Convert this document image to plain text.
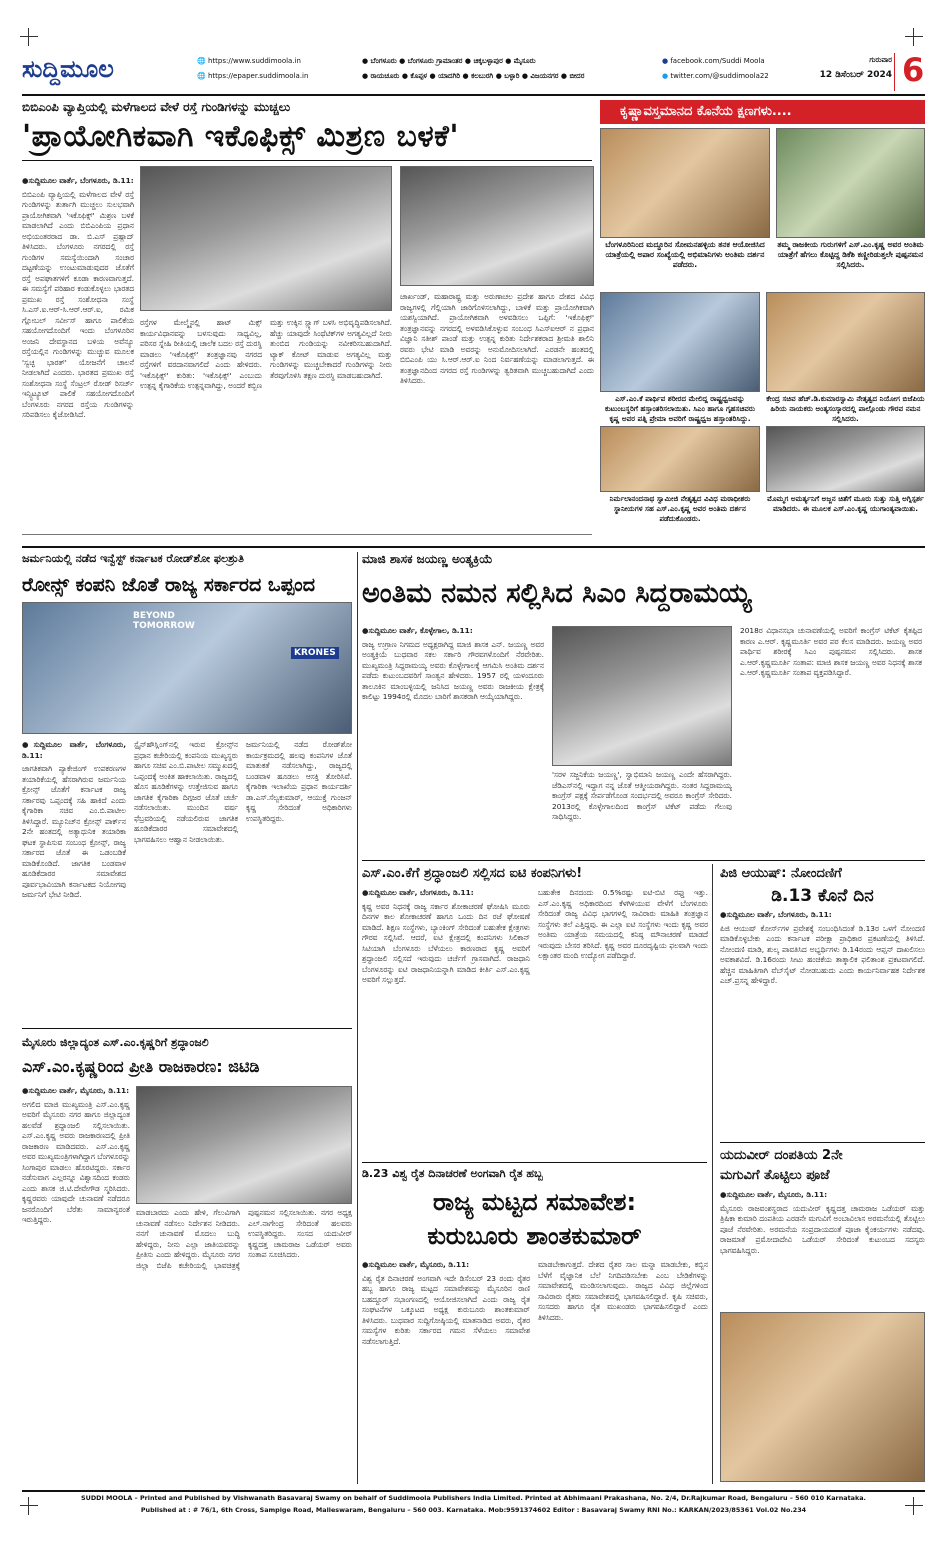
ಸುದ್ದಿಮೂಲ	🌐 https://www.suddimoola.in
🌐 https://epaper.suddimoola.in
● ಬೆಂಗಳೂರು ● ಬೆಂಗಳೂರು ಗ್ರಾಮಾಂತರ ● ಚಿಕ್ಕಬಳ್ಳಾಪುರ ● ಮೈಸೂರು
● ರಾಯಚೂರು ● ಕೊಪ್ಪಳ ● ಯಾದಗಿರಿ ● ಕಲಬುರಗಿ ● ಬಳ್ಳಾರಿ ● ವಿಜಯನಗರ ● ಬೀದರ
● facebook.com/Suddi Moola
● twitter.com/@suddimoola22
ಗುರುವಾರ
12 ಡಿಸೆಂಬರ್ 2024 6
ಬಿಬಿಎಂಪಿ ವ್ಯಾಪ್ತಿಯಲ್ಲಿ ಮಳೆಗಾಲದ ವೇಳೆ ರಸ್ತೆ ಗುಂಡಿಗಳನ್ನು ಮುಚ್ಚಲು
'ಪ್ರಾಯೋಗಿಕವಾಗಿ ಇಕೊಫಿಕ್ಸ್ ಮಿಶ್ರಣ ಬಳಕೆ'

●ಸುದ್ದಿಮೂಲ ವಾರ್ತೆ, ಬೆಂಗಳೂರು, ಡಿ.11:

ಬಿಬಿಎಂಪಿ ವ್ಯಾಪ್ತಿಯಲ್ಲಿ ಮಳೆಗಾಲದ ವೇಳೆ ರಸ್ತೆ ಗುಂಡಿಗಳನ್ನು ತುರ್ತಾಗಿ ಮುಚ್ಚಲು ಸುಲಭವಾಗಿ ಪ್ರಾಯೋಗಿಕವಾಗಿ 'ಇಕೊಫಿಕ್ಸ್' ಮಿಶ್ರಣ ಬಳಕೆ ಮಾಡಲಾಗಿದೆ ಎಂದು ಬಿಬಿಎಂಪಿಯ ಪ್ರಧಾನ ಅಭಿಯಂತರರಾದ ಡಾ. ಬಿ.ಎಸ್ ಪ್ರಹ್ಲಾದ್ ತಿಳಿಸಿದರು. ಬೆಂಗಳೂರು ನಗರದಲ್ಲಿ ರಸ್ತೆ ಗುಂಡಿಗಳ ಸಮಸ್ಯೆಯಿಂದಾಗಿ ಸಂಚಾರ ದಟ್ಟಣೆಯನ್ನು ಉಂಟುಮಾಡುವುದರ ಜೊತೆಗೆ ರಸ್ತೆ ಅಪಘಾತಗಳಿಗೆ ಕೂಡಾ ಕಾರಣವಾಗುತ್ತದೆ. ಈ ಸಮಸ್ಯೆಗೆ ಪರಿಹಾರ ಕಂಡುಕೊಳ್ಳಲು ಭಾರತದ ಪ್ರಮುಖ ರಸ್ತೆ ಸಂಶೋಧನಾ ಸಂಸ್ಥೆ ಸಿ.ಎಸ್.ಐ.ಆರ್-ಸಿ.ಆರ್.ಆರ್.ಐ, ರಮಿಕ ಗ್ಲೋಬಲ್ ಸರ್ವೀಸ್ ಹಾಗೂ ಪಾಲಿಕೆಯ ಸಹಯೋಗದೊಂದಿಗೆ ಇಂದು ಬೆಂಗಳೂರಿನ ಅಂಜನಿ ದೇವಸ್ಥಾನದ ಬಳಿಯ ಅವೆನ್ಯೂ ರಸ್ತೆಯಲ್ಲಿನ ಗುಂಡಿಗಳನ್ನು ಮುಚ್ಚುವ ಮೂಲಕ 'ಸ್ವಚ್ಛ ಭಾರತ್' ಯೋಜನೆಗೆ ಚಾಲನೆ ನೀಡಲಾಗಿದೆ ಎಂದರು. ಭಾರತದ ಪ್ರಮುಖ ರಸ್ತೆ ಸಂಶೋಧನಾ ಸಂಸ್ಥೆ ಸೆಂಟ್ರಲ್ ರೋಡ್ ರಿಸರ್ಚ್ ಇನ್ಸ್ಟಿಟ್ಯೂಟ್ ಪಾಲಿಕೆ ಸಹಯೋಗದೊಂದಿಗೆ ಬೆಂಗಳೂರು ನಗರದ ರಸ್ತೆಯ ಗುಂಡಿಗಳನ್ನು ಸರಿಪಡಿಸಲು ಕೈಜೋಡಿಸಿದೆ.

ರಸ್ತೆಗಳ ಮೇಲ್ಮೈನಲ್ಲಿ ಹಾಟ್ ಮಿಕ್ಸ್ ಕಾರ್ಯವಿಧಾನವನ್ನು ಬಳಸುವುದು ಸಾಧ್ಯವಿಲ್ಲ, ಪರಿಸರ ಸ್ನೇಹಿ ರೀತಿಯಲ್ಲಿ ಚಾಲೆಕ ಬದಲ ರಸ್ತೆ ದುರಸ್ಥಿ ಮಾಡಲು 'ಇಕೊಫಿಕ್ಸ್' ತಂತ್ರಜ್ಞಾನವು ನಗರದ ರಸ್ತೆಗಳಿಗೆ ವರದಾನವಾಗಲಿದೆ ಎಂದು ಹೇಳಿದರು. 'ಇಕೊಫಿಕ್ಸ್' ಕುರಿತು: 'ಇಕೊಫಿಕ್ಸ್' ಎಂಬುದು ಉತ್ಪನ್ನ ಕೈಗಾರಿಕೆಯ ಉತ್ಪನ್ನವಾಗಿದ್ದು, ಅಂದರೆ ಕಬ್ಬಿಣ ಮತ್ತು ಉಕ್ಕಿನ ಸ್ಲ್ಯಾಗ್ ಬಳಸಿ ಅಭಿವೃದ್ಧಿಪಡಿಸಲಾಗಿದೆ. ಹೆಚ್ಚು ಯಾವುದೇ ಸಿಂಥೆಟಿಕ್‌ಗಳ ಅಗತ್ಯವಿಲ್ಲದೆ ನೀರು ತುಂಬಿದ ಗುಂಡಿಯನ್ನು ನವೀಕರಿಸಬಹುದಾಗಿದೆ. ಟ್ಯಾಕ್ ಕೋಟ್ ಮಾಡುವ ಅಗತ್ಯವಿಲ್ಲ ಮತ್ತು ಗುಂಡಿಗಳನ್ನು ಮುಚ್ಚಬೇಕಾದರೆ ಗುಂಡಿಗಳನ್ನು ನೀರು ತೆರವುಗೊಳಿಸಿ ತಕ್ಷಣ ದುರಸ್ಥಿ ಮಾಡಬಹುದಾಗಿದೆ.

ಜಾರ್ಖಂಡ್, ಮಹಾರಾಷ್ಟ್ರ ಮತ್ತು ಅರುಣಾಚಲ ಪ್ರದೇಶ ಹಾಗೂ ದೇಶದ ವಿವಿಧ ರಾಜ್ಯಗಳಲ್ಲಿ ಗೆಲ್ಲಿಯಾಗಿ ಜಾರಿಗೊಳಿಸಲಾಗಿದ್ದು, ಬಾಳಿಕೆ ಮತ್ತು ಪ್ರಾಯೋಗಿಕವಾಗಿ ಯಶಸ್ವಿಯಾಗಿದೆ. ಪ್ರಾಯೋಗಿಕವಾಗಿ ಅಳವಡಿಸಲು ಒಪ್ಪಿಗೆ: 'ಇಕೊಫಿಕ್ಸ್' ತಂತ್ರಜ್ಞಾನವನ್ನು ನಗರದಲ್ಲಿ ಅಳವಡಿಸಿಕೊಳ್ಳುವ ಸಂಬಂಧ ಸಿಎಸ್‌ಐಆರ್ ನ ಪ್ರಧಾನ ವಿಜ್ಞಾನಿ ಸತೀಶ್ ಪಾಂಡೆ ಮತ್ತು ಉತ್ಪನ್ನ ಕುರಿತು ನಿರ್ದೇಶಕರಾದ ಶ್ರೀಮತಿ ಶಾಲಿನಿ ರವರು ಭೇಟಿ ಮಾಡಿ ಅವರನ್ನು ಅನುಮೋದಿಸಲಾಗಿದೆ. ಎರಡನೇ ಹಂತದಲ್ಲಿ ಬಿಬಿಎಂಪಿ ಯು ಸಿ.ಆರ್.ಆರ್.ಐ ನಿಂದ ನಿರ್ವಹಣೆಯನ್ನು ಮಾಡಲಾಗುತ್ತದೆ. ಈ ತಂತ್ರಜ್ಞಾನದಿಂದ ನಗರದ ರಸ್ತೆ ಗುಂಡಿಗಳನ್ನು ತ್ವರಿತವಾಗಿ ಮುಚ್ಚಬಹುದಾಗಿದೆ ಎಂದು ತಿಳಿಸಿದರು.

ಕೃಷ್ಣಾವಸ್ತಮಾನದ ಕೊನೆಯ ಕ್ಷಣಗಳು....
ಬೆಂಗಳೂರಿನಿಂದ ಮದ್ದೂರಿನ ಸೋಮನಹಳ್ಳಿಯ ತನಕ ಆಯೋಜಿಸಿದ ಯಾತ್ರೆಯಲ್ಲಿ ಅಪಾರ ಸಂಖ್ಯೆಯಲ್ಲಿ ಅಭಿಮಾನಿಗಳು ಅಂತಿಮ ದರ್ಶನ ಪಡೆದರು.
ತಮ್ಮ ರಾಜಕೀಯ ಗುರುಗಳಿಗೆ ಎಸ್.ಎಂ.ಕೃಷ್ಣ ಅವರ ಅಂತಿಮ ಯಾತ್ರೆಗೆ ಹೆಗಲು ಕೊಟ್ಟಿದ್ದ ಡಿಕೆಶಿ ಕಣ್ಣೀರಿಡುತ್ತಲೇ ಪುಷ್ಪನಮನ ಸಲ್ಲಿಸಿದರು.
ಎಸ್.ಎಂ.ಕೆ ಪಾರ್ಥಿವ ಶರೀರದ ಮೇಲಿದ್ದ ರಾಷ್ಟ್ರಧ್ವಜವನ್ನು ಕುಟುಂಬಸ್ಥರಿಗೆ ಹಸ್ತಾಂತರಿಸಲಾಯಿತು. ಸಿಎಂ ಹಾಗೂ ಗೃಹಸಚಿವರು ಕೃಷ್ಣ ಅವರ ಪತ್ನಿ ಪ್ರೇಮಾ ಅವರಿಗೆ ರಾಷ್ಟ್ರಧ್ವಜ ಹಸ್ತಾಂತರಿಸಿದ್ದು.
ಕೇಂದ್ರ ಸಚಿವ ಹೆಚ್.ಡಿ.ಕುಮಾರಸ್ವಾಮಿ ನೇತೃತ್ವದ ನಿಯೋಗ ಬಿಜೆಪಿಯ ಹಿರಿಯ ನಾಯಕರು ಅಂತ್ಯಸಂಸ್ಕಾರದಲ್ಲಿ ಪಾಲ್ಗೊಂಡು ಗೌರವ ನಮನ ಸಲ್ಲಿಸಿದರು.
ನಿರ್ಮಲಾನಂದನಾಥ ಸ್ವಾಮೀಜಿ ನೇತೃತ್ವದ ವಿವಿಧ ಮಠಾಧೀಶರು ಸ್ಥಾನೀಯಗಳ ಸಹ ಎಸ್.ಎಂ.ಕೃಷ್ಣ ಅವರ ಅಂತಿಮ ದರ್ಶನ ಪಡೆದುಕೊಂಡರು.
ಮೊಮ್ಮಗ ಅಮರ್ತ್ಯನಿಗೆ ಅಜ್ಜನ ಚಿತೆಗೆ ಮೂರು ಸುತ್ತು ಸುತ್ತಿ ಅಗ್ನಿಸ್ಪರ್ಶ ಮಾಡಿದರು. ಈ ಮೂಲಕ ಎಸ್.ಎಂ.ಕೃಷ್ಣ ಯುಗಾಂತ್ಯವಾಯಿತು.
ಜರ್ಮನಿಯಲ್ಲಿ ನಡೆದ ಇನ್ವೆಸ್ಟ್ ಕರ್ನಾಟಕ ರೋಡ್‌ಶೋ ಫಲಶ್ರುತಿ
ರೋನ್ಸ್ ಕಂಪನಿ ಜೊತೆ ರಾಜ್ಯ ಸರ್ಕಾರದ ಒಪ್ಪಂದ
BEYOND
TOMORROW
KRONES

●ಸುದ್ದಿಮೂಲ ವಾರ್ತೆ, ಬೆಂಗಳೂರು, ಡಿ.11:

ಜಾಗತಿಕವಾಗಿ ಪ್ಯಾಕೇಜಿಂಗ್ ಉಪಕರಣಗಳ ತಯಾರಿಕೆಯಲ್ಲಿ ಹೆಸರಾಗಿರುವ ಜರ್ಮನಿಯ ಕ್ರೋನ್ಸ್ ಜೊತೆಗೆ ಕರ್ನಾಟಕ ರಾಜ್ಯ ಸರ್ಕಾರವು ಒಪ್ಪಂದಕ್ಕೆ ಸಹಿ ಹಾಕಿದೆ ಎಂದು ಕೈಗಾರಿಕಾ ಸಚಿವ ಎಂ.ಬಿ.ಪಾಟೀಲ ತಿಳಿಸಿದ್ದಾರೆ. ಮ್ಯೂನಿಚ್‌ನ ಕ್ರೋನ್ಸ್ ಪಾರ್ಕ್‌ನ 2ನೇ ಹಂತದಲ್ಲಿ ಅತ್ಯಾಧುನಿಕ ತಯಾರಿಕಾ ಘಟಕ ಸ್ಥಾಪಿಸುವ ಸಂಬಂಧ ಕ್ರೋನ್ಸ್, ರಾಜ್ಯ ಸರ್ಕಾರದ ಜೊತೆ ಈ ಒಡಂಬಡಿಕೆ ಮಾಡಿಕೊಂಡಿದೆ. ಜಾಗತಿಕ ಬಂಡವಾಳ ಹೂಡಿಕೆದಾರರ ಸಮಾವೇಶದ ಪೂರ್ವಭಾವಿಯಾಗಿ ಕರ್ನಾಟಕದ ನಿಯೋಗವು ಜರ್ಮನಿಗೆ ಭೇಟಿ ನೀಡಿದೆ.

ಸ್ಟೈನ್‌ಹೌಸ್ಲಿಂಗ್‌ನಲ್ಲಿ ಇರುವ ಕ್ರೋನ್ಸ್‌ನ ಪ್ರಧಾನ ಕಚೇರಿಯಲ್ಲಿ ಕಂಪನಿಯ ಮುಖ್ಯಸ್ಥರು ಹಾಗೂ ಸಚಿವ ಎಂ.ಬಿ.ಪಾಟೀಲ ಸಮ್ಮುಖದಲ್ಲಿ ಒಪ್ಪಂದಕ್ಕೆ ಅಂಕಿತ ಹಾಕಲಾಯಿತು. ರಾಜ್ಯದಲ್ಲಿ ಹೊಸ ಹೂಡಿಕೆಗಳನ್ನು ಉತ್ತೇಜಿಸುವ ಹಾಗೂ ಜಾಗತಿಕ ಕೈಗಾರಿಕಾ ದಿಗ್ಗಜರ ಜೊತೆ ಚರ್ಚೆ ನಡೆಸಲಾಯಿತು. ಮುಂದಿನ ವರ್ಷ ಫೆಬ್ರವರಿಯಲ್ಲಿ ನಡೆಯಲಿರುವ ಜಾಗತಿಕ ಹೂಡಿಕೆದಾರರ ಸಮಾವೇಶದಲ್ಲಿ ಭಾಗವಹಿಸಲು ಆಹ್ವಾನ ನೀಡಲಾಯಿತು.

ಜರ್ಮನಿಯಲ್ಲಿ ನಡೆದ ರೋಡ್‌ಶೋ ಕಾರ್ಯಕ್ರಮದಲ್ಲಿ ಹಲವು ಕಂಪನಿಗಳ ಜೊತೆ ಮಾತುಕತೆ ನಡೆಸಲಾಗಿದ್ದು, ರಾಜ್ಯದಲ್ಲಿ ಬಂಡವಾಳ ಹೂಡಲು ಆಸಕ್ತಿ ತೋರಿಸಿವೆ. ಕೈಗಾರಿಕಾ ಇಲಾಖೆಯ ಪ್ರಧಾನ ಕಾರ್ಯದರ್ಶಿ ಡಾ.ಎಸ್.ಸೆಲ್ವಕುಮಾರ್, ಆಯುಕ್ತೆ ಗುಂಜನ್ ಕೃಷ್ಣ ಸೇರಿದಂತೆ ಅಧಿಕಾರಿಗಳು ಉಪಸ್ಥಿತರಿದ್ದರು.

ಮಾಜಿ ಶಾಸಕ ಜಯಣ್ಣ ಅಂತ್ಯಕ್ರಿಯೆ
ಅಂತಿಮ ನಮನ ಸಲ್ಲಿಸಿದ ಸಿಎಂ ಸಿದ್ದರಾಮಯ್ಯ

●ಸುದ್ದಿಮೂಲ ವಾರ್ತೆ, ಕೊಳ್ಳೇಗಾಲ, ಡಿ.11:

ರಾಜ್ಯ ಉಗ್ರಾಣ ನಿಗಮದ ಅಧ್ಯಕ್ಷರಾಗಿದ್ದ ಮಾಜಿ ಶಾಸಕ ಎನ್. ಜಯಣ್ಣ ಅವರ ಅಂತ್ಯಕ್ರಿಯೆ ಬುಧವಾರ ಸಕಲ ಸರ್ಕಾರಿ ಗೌರವಗಳೊಂದಿಗೆ ನೆರವೇರಿತು. ಮುಖ್ಯಮಂತ್ರಿ ಸಿದ್ದರಾಮಯ್ಯ ಅವರು ಕೊಳ್ಳೇಗಾಲಕ್ಕೆ ಆಗಮಿಸಿ ಅಂತಿಮ ದರ್ಶನ ಪಡೆದು ಕುಟುಂಬದವರಿಗೆ ಸಾಂತ್ವನ ಹೇಳಿದರು. 1957 ರಲ್ಲಿ ಯಳಂದೂರು ತಾಲೂಕಿನ ಮಾಂಬಳ್ಳಿಯಲ್ಲಿ ಜನಿಸಿದ ಜಯಣ್ಣ ಅವರು ರಾಜಕೀಯ ಕ್ಷೇತ್ರಕ್ಕೆ ಕಾಲಿಟ್ಟು 1994ರಲ್ಲಿ ಮೊದಲ ಬಾರಿಗೆ ಶಾಸಕರಾಗಿ ಆಯ್ಕೆಯಾಗಿದ್ದರು.

'ಸರಳ ಸಜ್ಜನಿಕೆಯ ಜಯಣ್ಣ', ಸ್ವಾಭಿಮಾನಿ ಜಯಣ್ಣ ಎಂದೇ ಹೆಸರಾಗಿದ್ದರು. ಜೆಡಿಎಸ್‌ನಲ್ಲಿ ಇದ್ದಾಗ ನನ್ನ ಜೊತೆ ಆತ್ಮೀಯರಾಗಿದ್ದರು. ನಂತರ ಸಿದ್ದರಾಮಯ್ಯ ಕಾಂಗ್ರೆಸ್ ಪಕ್ಷಕ್ಕೆ ಸೇರ್ಪಡೆಗೊಂಡ ಸಂದರ್ಭದಲ್ಲಿ ಅವರೂ ಕಾಂಗ್ರೆಸ್ ಸೇರಿದರು. 2013ರಲ್ಲಿ ಕೊಳ್ಳೇಗಾಲದಿಂದ ಕಾಂಗ್ರೆಸ್ ಟಿಕೆಟ್ ಪಡೆದು ಗೆಲುವು ಸಾಧಿಸಿದ್ದರು.

2018ರ ವಿಧಾನಸಭಾ ಚುನಾವಣೆಯಲ್ಲಿ ಅವರಿಗೆ ಕಾಂಗ್ರೆಸ್ ಟಿಕೆಟ್ ಕೈತಪ್ಪಿದ ಕಾರಣ ಎ.ಆರ್. ಕೃಷ್ಣಮೂರ್ತಿ ಅವರ ಪರ ಕೆಲಸ ಮಾಡಿದರು. ಜಯಣ್ಣ ಅವರ ಪಾರ್ಥಿವ ಶರೀರಕ್ಕೆ ಸಿಎಂ ಪುಷ್ಪನಮನ ಸಲ್ಲಿಸಿದರು. ಶಾಸಕ ಎ.ಆರ್.ಕೃಷ್ಣಮೂರ್ತಿ ಸಂತಾಪ: ಮಾಜಿ ಶಾಸಕ ಜಯಣ್ಣ ಅವರ ನಿಧನಕ್ಕೆ ಶಾಸಕ ಎ.ಆರ್.ಕೃಷ್ಣಮೂರ್ತಿ ಸಂತಾಪ ವ್ಯಕ್ತಪಡಿಸಿದ್ದಾರೆ.

ಎಸ್.ಎಂ.ಕೆಗೆ ಶ್ರದ್ಧಾಂಜಲಿ ಸಲ್ಲಿಸದ ಐಟಿ ಕಂಪನಿಗಳು!

●ಸುದ್ದಿಮೂಲ ವಾರ್ತೆ, ಬೆಂಗಳೂರು, ಡಿ.11:

ಕೃಷ್ಣ ಅವರ ನಿಧನಕ್ಕೆ ರಾಜ್ಯ ಸರ್ಕಾರ ಶೋಕಾಚರಣೆ ಘೋಷಿಸಿ ಮೂರು ದಿನಗಳ ಕಾಲ ಶೋಕಾಚರಣೆ ಹಾಗೂ ಒಂದು ದಿನ ರಜೆ ಘೋಷಣೆ ಮಾಡಿದೆ. ಶಿಕ್ಷಣ ಸಂಸ್ಥೆಗಳು, ಬ್ಯಾಂಕಿಂಗ್ ಸೇರಿದಂತೆ ಬಹುತೇಕ ಕ್ಷೇತ್ರಗಳು ಗೌರವ ಸಲ್ಲಿಸಿವೆ. ಆದರೆ, ಐಟಿ ಕ್ಷೇತ್ರದಲ್ಲಿ ಕಂಪನಿಗಳು ಸಿಲಿಕಾನ್ ಸಿಟಿಯಾಗಿ ಬೆಂಗಳೂರು ಬೆಳೆಯಲು ಕಾರಣರಾದ ಕೃಷ್ಣ ಅವರಿಗೆ ಶ್ರದ್ಧಾಂಜಲಿ ಸಲ್ಲಿಸದೆ ಇರುವುದು ಚರ್ಚೆಗೆ ಗ್ರಾಸವಾಗಿದೆ. ರಾಜಧಾನಿ ಬೆಂಗಳೂರನ್ನು ಐಟಿ ರಾಜಧಾನಿಯನ್ನಾಗಿ ಮಾಡಿದ ಕೀರ್ತಿ ಎಸ್.ಎಂ.ಕೃಷ್ಣ ಅವರಿಗೆ ಸಲ್ಲುತ್ತದೆ.

ಬಹುತೇಕ ದಿನದಂದು 0.5%ರಷ್ಟು ಐಟಿ-ಬಿಟಿ ರಫ್ತು ಇತ್ತು. ಎಸ್.ಎಂ.ಕೃಷ್ಣ ಅಧಿಕಾರದಿಂದ ಕೆಳಗಿಳಿಯುವ ವೇಳೆಗೆ ಬೆಂಗಳೂರು ಸೇರಿದಂತೆ ರಾಜ್ಯ ವಿವಿಧ ಭಾಗಗಳಲ್ಲಿ ಸಾವಿರಾರು ಮಾಹಿತಿ ತಂತ್ರಜ್ಞಾನ ಸಂಸ್ಥೆಗಳು ತಲೆ ಎತ್ತಿದ್ದವು. ಈ ಎಲ್ಲಾ ಐಟಿ ಸಂಸ್ಥೆಗಳು ಇಂದು ಕೃಷ್ಣ ಅವರ ಅಂತಿಮ ಯಾತ್ರೆಯ ಸಮಯದಲ್ಲಿ ಕನಿಷ್ಠ ಮೌನಾಚರಣೆ ಮಾಡದೆ ಇರುವುದು ಬೇಸರ ತರಿಸಿದೆ. ಕೃಷ್ಣ ಅವರ ದೂರದೃಷ್ಟಿಯ ಫಲವಾಗಿ ಇಂದು ಲಕ್ಷಾಂತರ ಮಂದಿ ಉದ್ಯೋಗ ಪಡೆದಿದ್ದಾರೆ.

ಪಿಜಿ ಆಯುಷ್: ನೋಂದಣಿಗೆ
ಡಿ.13 ಕೊನೆ ದಿನ

●ಸುದ್ದಿಮೂಲ ವಾರ್ತೆ, ಬೆಂಗಳೂರು, ಡಿ.11:

ಪಿಜಿ ಆಯುಷ್ ಕೋರ್ಸ್‌ಗಳ ಪ್ರವೇಶಕ್ಕೆ ಸಂಬಂಧಿಸಿದಂತೆ ಡಿ.13ರ ಒಳಗೆ ನೋಂದಣಿ ಮಾಡಿಕೊಳ್ಳಬೇಕು ಎಂದು ಕರ್ನಾಟಕ ಪರೀಕ್ಷಾ ಪ್ರಾಧಿಕಾರ ಪ್ರಕಟಣೆಯಲ್ಲಿ ತಿಳಿಸಿದೆ. ನೋಂದಣಿ ಮಾಡಿ, ಶುಲ್ಕ ಪಾವತಿಸಿದ ಅಭ್ಯರ್ಥಿಗಳು ಡಿ.14ರಂದು ಆಪ್ಷನ್ ದಾಖಲಿಸಲು ಅವಕಾಶವಿದೆ. ಡಿ.16ರಂದು ಸೀಟು ಹಂಚಿಕೆಯ ತಾತ್ಕಾಲಿಕ ಫಲಿತಾಂಶ ಪ್ರಕಟವಾಗಲಿದೆ. ಹೆಚ್ಚಿನ ಮಾಹಿತಿಗಾಗಿ ವೆಬ್‌ಸೈಟ್ ನೋಡಬಹುದು ಎಂದು ಕಾರ್ಯನಿರ್ವಾಹಕ ನಿರ್ದೇಶಕ ಎಚ್.ಪ್ರಸನ್ನ ಹೇಳಿದ್ದಾರೆ.

ಯದುವೀರ್ ದಂಪತಿಯ 2ನೇ
ಮಗುವಿಗೆ ತೊಟ್ಟಿಲು ಪೂಜೆ

●ಸುದ್ದಿಮೂಲ ವಾರ್ತೆ, ಮೈಸೂರು, ಡಿ.11:

ಮೈಸೂರು ರಾಜವಂಶಸ್ಥರಾದ ಯದುವೀರ್ ಕೃಷ್ಣದತ್ತ ಚಾಮರಾಜ ಒಡೆಯರ್ ಮತ್ತು ತ್ರಿಷಿಕಾ ಕುಮಾರಿ ದಂಪತಿಯ ಎರಡನೇ ಮಗುವಿಗೆ ಅಂಬಾವಿಲಾಸ ಅರಮನೆಯಲ್ಲಿ ತೊಟ್ಟಿಲು ಪೂಜೆ ನೆರವೇರಿತು. ಅರಮನೆಯ ಸಂಪ್ರದಾಯದಂತೆ ಪೂಜಾ ಕೈಂಕರ್ಯಗಳು ನಡೆದವು. ರಾಜಮಾತೆ ಪ್ರಮೋದಾದೇವಿ ಒಡೆಯರ್ ಸೇರಿದಂತೆ ಕುಟುಂಬದ ಸದಸ್ಯರು ಭಾಗವಹಿಸಿದ್ದರು.

ಮೈಸೂರು ಜಿಲ್ಲಾದ್ಯಂತ ಎಸ್.ಎಂ.ಕೃಷ್ಣರಿಗೆ ಶ್ರದ್ಧಾಂಜಲಿ
ಎಸ್.ಎಂ.ಕೃಷ್ಣರಿಂದ ಪ್ರೀತಿ ರಾಜಕಾರಣ: ಜಿಟಿಡಿ

●ಸುದ್ದಿಮೂಲ ವಾರ್ತೆ, ಮೈಸೂರು, ಡಿ.11:

ಅಗಲಿದ ಮಾಜಿ ಮುಖ್ಯಮಂತ್ರಿ ಎಸ್.ಎಂ.ಕೃಷ್ಣ ಅವರಿಗೆ ಮೈಸೂರು ನಗರ ಹಾಗೂ ಜಿಲ್ಲಾದ್ಯಂತ ಹಲವೆಡೆ ಶ್ರದ್ಧಾಂಜಲಿ ಸಲ್ಲಿಸಲಾಯಿತು. ಎಸ್.ಎಂ.ಕೃಷ್ಣ ಅವರು ರಾಜಕಾರಣದಲ್ಲಿ ಪ್ರೀತಿ ರಾಜಕಾರಣ ಮಾಡಿದವರು. ಎಸ್.ಎಂ.ಕೃಷ್ಣ ಅವರ ಮುಖ್ಯಮಂತ್ರಿಗಳಾಗಿದ್ದಾಗ ಬೆಂಗಳೂರನ್ನು ಸಿಂಗಾಪುರ ಮಾಡಲು ಹೊರಟಿದ್ದರು. ಸರ್ಕಾರ ನಡೆಸುವಾಗ ಎಲ್ಲರನ್ನೂ ವಿಶ್ವಾಸದಿಂದ ಕಂಡರು ಎಂದು ಶಾಸಕ ಜಿ.ಟಿ.ದೇವೇಗೌಡ ಸ್ಮರಿಸಿದರು. ಕೃಷ್ಣರವರು ಯಾವುದೇ ಚುನಾವಣೆ ನಡೆದರೂ ಜನರೊಂದಿಗೆ ಬೆರೆತು ಸಾಮಾನ್ಯರಂತೆ ಇರುತ್ತಿದ್ದರು.

ಮಾಡಬಾರದು ಎಂದು ಹೇಳಿ, ಗೆಲುವಿಗಾಗಿ ಚುನಾವಣೆ ನಡೆಸಲು ನಿರ್ದೇಶನ ನೀಡಿದರು. ನನಗೆ ಚುನಾವಣೆ ಮೊದಲು ಬುದ್ಧಿ ಹೇಳಿದ್ದರು, ನೀನು ಎಲ್ಲಾ ಜಾತಿಯವರನ್ನು ಪ್ರೀತಿಸು ಎಂದು ಹೇಳಿದ್ದರು. ಮೈಸೂರು ನಗರ ಜಿಲ್ಲಾ ಬಿಜೆಪಿ ಕಚೇರಿಯಲ್ಲಿ ಭಾವಚಿತ್ರಕ್ಕೆ ಪುಷ್ಪನಮನ ಸಲ್ಲಿಸಲಾಯಿತು. ನಗರ ಅಧ್ಯಕ್ಷ ಎಲ್.ನಾಗೇಂದ್ರ ಸೇರಿದಂತೆ ಹಲವರು ಉಪಸ್ಥಿತರಿದ್ದರು. ಸಂಸದ ಯದುವೀರ್ ಕೃಷ್ಣದತ್ತ ಚಾಮರಾಜ ಒಡೆಯರ್ ಅವರು ಸಂತಾಪ ಸೂಚಿಸಿದರು.

ಡಿ.23 ವಿಶ್ವ ರೈತ ದಿನಾಚರಣೆ ಅಂಗವಾಗಿ ರೈತ ಹಬ್ಬ
ರಾಜ್ಯ ಮಟ್ಟದ ಸಮಾವೇಶ:
ಕುರುಬೂರು ಶಾಂತಕುಮಾರ್

●ಸುದ್ದಿಮೂಲ ವಾರ್ತೆ, ಮೈಸೂರು, ಡಿ.11:

ವಿಶ್ವ ರೈತ ದಿನಾಚರಣೆ ಅಂಗವಾಗಿ ಇದೇ ಡಿಸೆಂಬರ್ 23 ರಂದು ರೈತರ ಹಬ್ಬ ಹಾಗೂ ರಾಜ್ಯ ಮಟ್ಟದ ಸಮಾವೇಶವನ್ನು ಮೈಸೂರಿನ ರಾಣಿ ಬಹದ್ದೂರ್ ಸಭಾಂಗಣದಲ್ಲಿ ಆಯೋಜಿಸಲಾಗಿದೆ ಎಂದು ರಾಜ್ಯ ರೈತ ಸಂಘಟನೆಗಳ ಒಕ್ಕೂಟದ ಅಧ್ಯಕ್ಷ ಕುರುಬೂರು ಶಾಂತಕುಮಾರ್ ತಿಳಿಸಿದರು. ಬುಧವಾರ ಸುದ್ದಿಗೋಷ್ಠಿಯಲ್ಲಿ ಮಾತನಾಡಿದ ಅವರು, ರೈತರ ಸಮಸ್ಯೆಗಳ ಕುರಿತು ಸರ್ಕಾರದ ಗಮನ ಸೆಳೆಯಲು ಸಮಾವೇಶ ನಡೆಸಲಾಗುತ್ತಿದೆ.

ಮಾಡಬೇಕಾಗುತ್ತದೆ. ದೇಶದ ರೈತರ ಸಾಲ ಮನ್ನಾ ಮಾಡಬೇಕು, ಕಬ್ಬಿನ ಬೆಳೆಗೆ ವೈಜ್ಞಾನಿಕ ಬೆಲೆ ನಿಗದಿಪಡಿಸಬೇಕು ಎಂಬ ಬೇಡಿಕೆಗಳನ್ನು ಸಮಾವೇಶದಲ್ಲಿ ಮಂಡಿಸಲಾಗುವುದು. ರಾಜ್ಯದ ವಿವಿಧ ಜಿಲ್ಲೆಗಳಿಂದ ಸಾವಿರಾರು ರೈತರು ಸಮಾವೇಶದಲ್ಲಿ ಭಾಗವಹಿಸಲಿದ್ದಾರೆ. ಕೃಷಿ ಸಚಿವರು, ಸಂಸದರು ಹಾಗೂ ರೈತ ಮುಖಂಡರು ಭಾಗವಹಿಸಲಿದ್ದಾರೆ ಎಂದು ತಿಳಿಸಿದರು.

SUDDI MOOLA – Printed and Published by Vishwanath Basavaraj Swamy on behalf of Suddimoola Publishers India Limited. Printed at Abhimaani Prakashana, No. 2/4, Dr.Rajkumar Road, Bengaluru – 560 010 Karnataka.
Published at : # 76/1, 6th Cross, Sampige Road, Malleswaram, Bengaluru – 560 003. Karnataka. Mob:9591374602 Editor : Basavaraj Swamy RNI No.: KARKAN/2023/85361 Vol.02 No.234
